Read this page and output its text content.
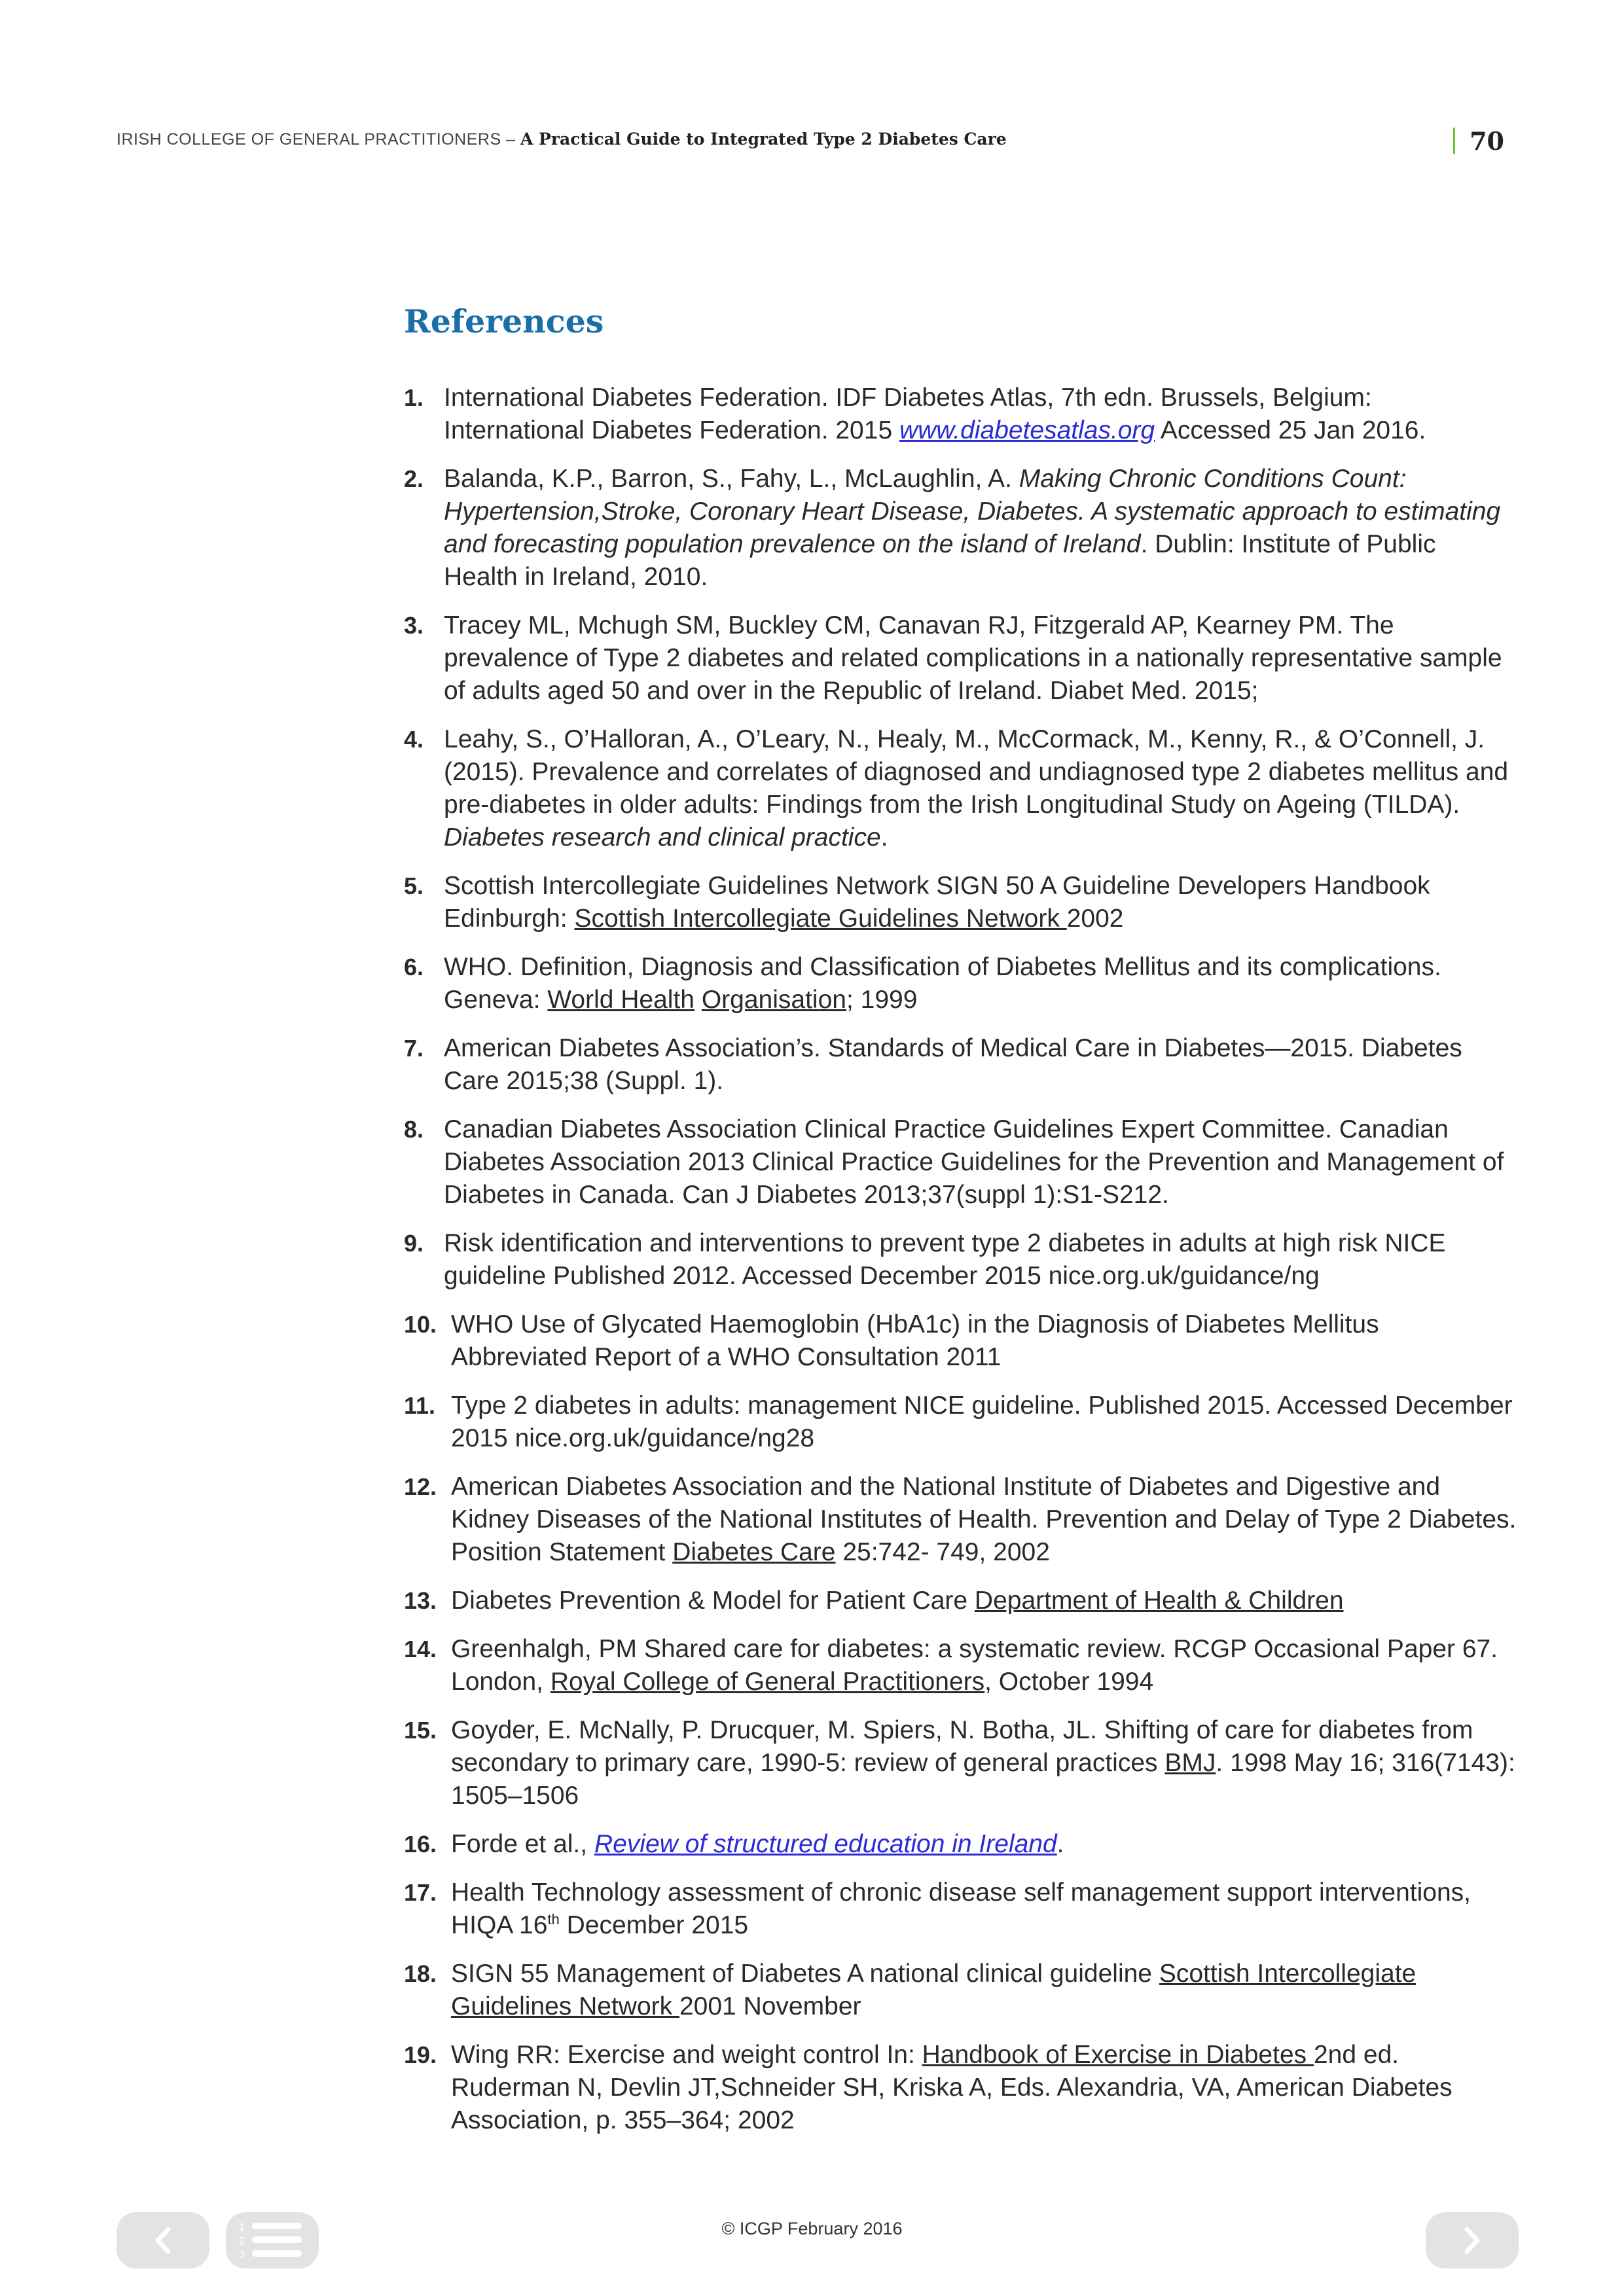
IRISH COLLEGE OF GENERAL PRACTITIONERS – A Practical Guide to Integrated Type 2 Diabetes Care	70
References
1. International Diabetes Federation. IDF Diabetes Atlas, 7th edn. Brussels, Belgium: International Diabetes Federation. 2015 www.diabetesatlas.org Accessed 25 Jan 2016.
2. Balanda, K.P., Barron, S., Fahy, L., McLaughlin, A. Making Chronic Conditions Count: Hypertension,Stroke, Coronary Heart Disease, Diabetes. A systematic approach to estimating and forecasting population prevalence on the island of Ireland. Dublin: Institute of Public Health in Ireland, 2010.
3. Tracey ML, Mchugh SM, Buckley CM, Canavan RJ, Fitzgerald AP, Kearney PM. The prevalence of Type 2 diabetes and related complications in a nationally representative sample of adults aged 50 and over in the Republic of Ireland. Diabet Med. 2015;
4. Leahy, S., O’Halloran, A., O’Leary, N., Healy, M., McCormack, M., Kenny, R., & O’Connell, J. (2015). Prevalence and correlates of diagnosed and undiagnosed type 2 diabetes mellitus and pre-diabetes in older adults: Findings from the Irish Longitudinal Study on Ageing (TILDA). Diabetes research and clinical practice.
5. Scottish Intercollegiate Guidelines Network SIGN 50 A Guideline Developers Handbook Edinburgh: Scottish Intercollegiate Guidelines Network 2002
6. WHO. Definition, Diagnosis and Classification of Diabetes Mellitus and its complications. Geneva: World Health Organisation; 1999
7. American Diabetes Association’s. Standards of Medical Care in Diabetes—2015. Diabetes Care 2015;38 (Suppl. 1).
8. Canadian Diabetes Association Clinical Practice Guidelines Expert Committee. Canadian Diabetes Association 2013 Clinical Practice Guidelines for the Prevention and Management of Diabetes in Canada. Can J Diabetes 2013;37(suppl 1):S1-S212.
9. Risk identification and interventions to prevent type 2 diabetes in adults at high risk NICE guideline Published 2012. Accessed December 2015 nice.org.uk/guidance/ng
10. WHO Use of Glycated Haemoglobin (HbA1c) in the Diagnosis of Diabetes Mellitus Abbreviated Report of a WHO Consultation 2011
11. Type 2 diabetes in adults: management NICE guideline. Published 2015. Accessed December 2015 nice.org.uk/guidance/ng28
12. American Diabetes Association and the National Institute of Diabetes and Digestive and Kidney Diseases of the National Institutes of Health. Prevention and Delay of Type 2 Diabetes. Position Statement Diabetes Care 25:742- 749, 2002
13. Diabetes Prevention & Model for Patient Care Department of Health & Children
14. Greenhalgh, PM Shared care for diabetes: a systematic review. RCGP Occasional Paper 67. London, Royal College of General Practitioners, October 1994
15. Goyder, E. McNally, P. Drucquer, M. Spiers, N. Botha, JL. Shifting of care for diabetes from secondary to primary care, 1990-5: review of general practices BMJ. 1998 May 16; 316(7143): 1505–1506
16. Forde et al., Review of structured education in Ireland.
17. Health Technology assessment of chronic disease self management support interventions, HIQA 16th December 2015
18. SIGN 55 Management of Diabetes A national clinical guideline Scottish Intercollegiate Guidelines Network 2001 November
19. Wing RR: Exercise and weight control In: Handbook of Exercise in Diabetes 2nd ed. Ruderman N, Devlin JT,Schneider SH, Kriska A, Eds. Alexandria, VA, American Diabetes Association, p. 355–364; 2002
© ICGP February 2016
1
2
3
